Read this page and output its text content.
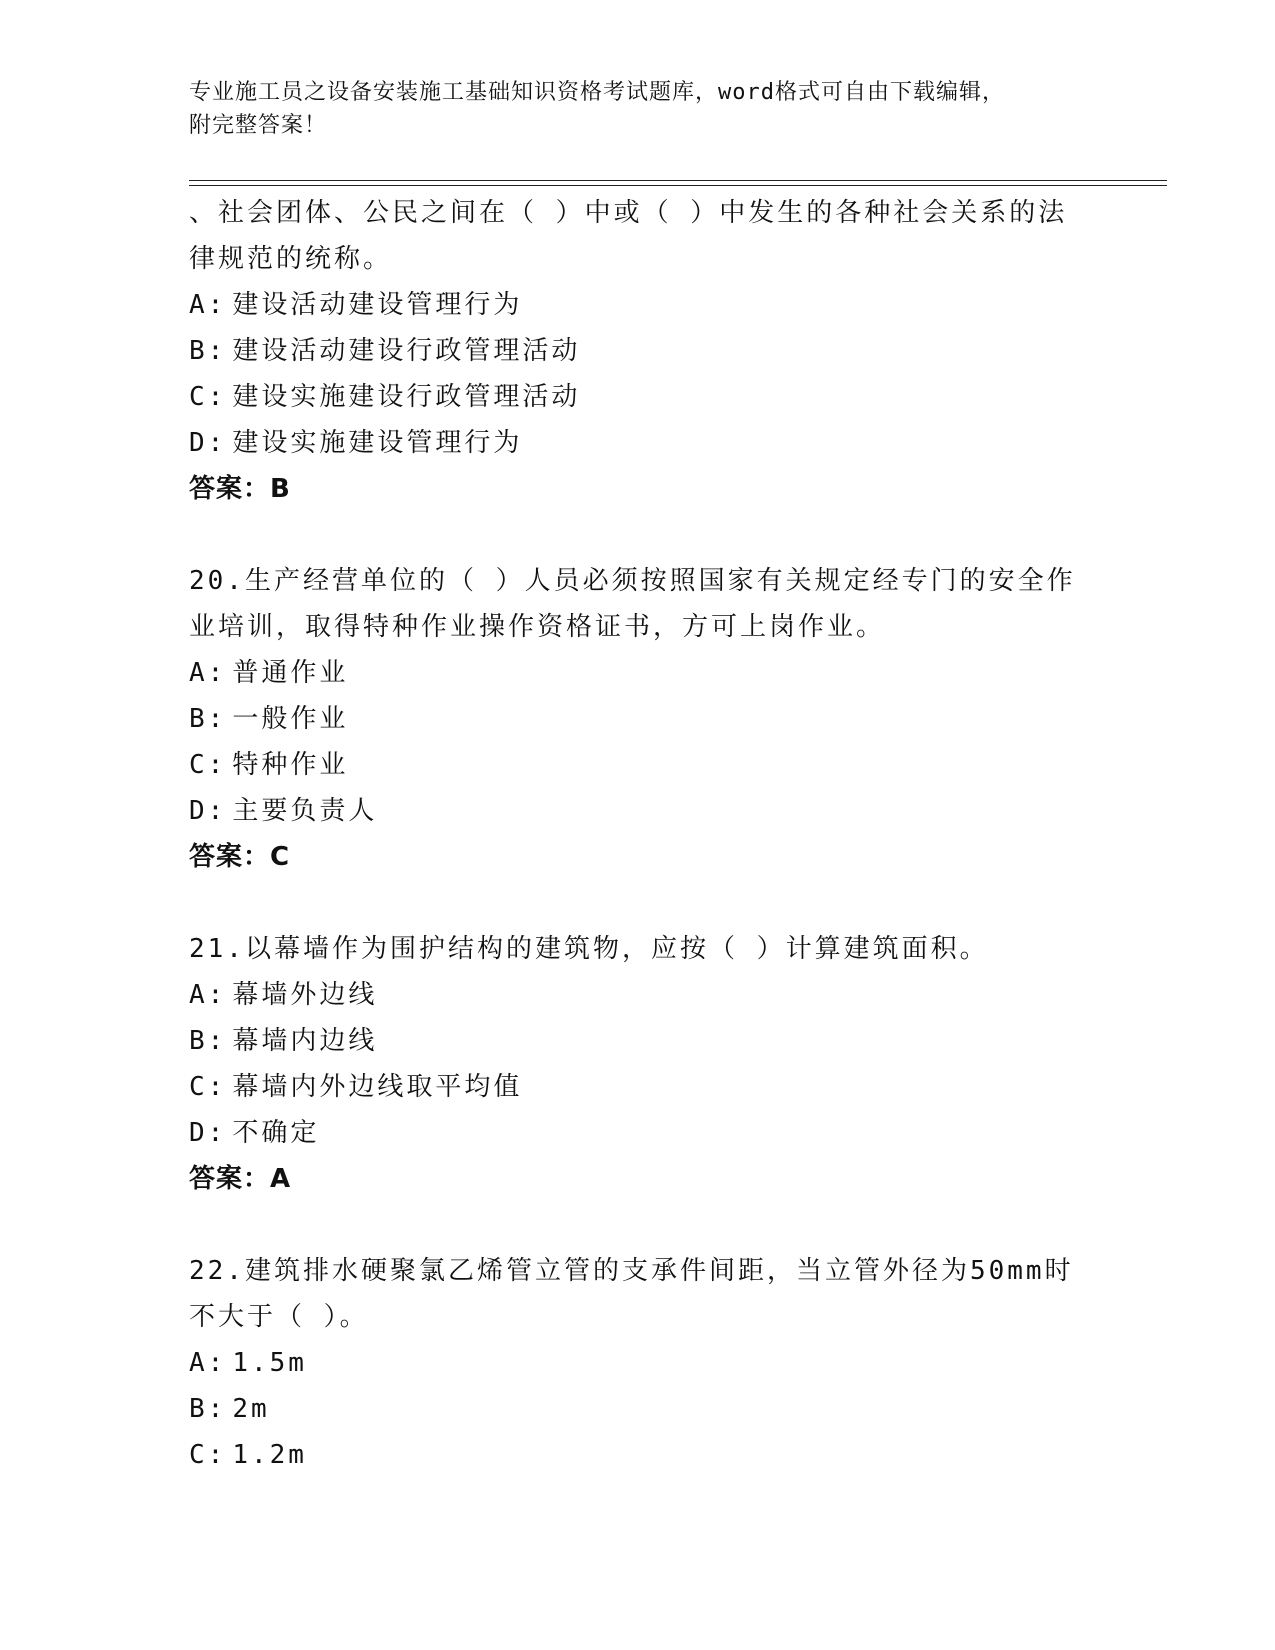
专业施工员之设备安装施工基础知识资格考试题库，word格式可自由下载编辑，
附完整答案！
、社会团体、公民之间在（ ）中或（ ）中发生的各种社会关系的法
律规范的统称。
A: 建设活动建设管理行为
B: 建设活动建设行政管理活动
C: 建设实施建设行政管理活动
D: 建设实施建设管理行为
答案：B
20.生产经营单位的（ ）人员必须按照国家有关规定经专门的安全作
业培训，取得特种作业操作资格证书，方可上岗作业。
A: 普通作业
B: 一般作业
C: 特种作业
D: 主要负责人
答案：C
21.以幕墙作为围护结构的建筑物，应按（ ）计算建筑面积。
A: 幕墙外边线
B: 幕墙内边线
C: 幕墙内外边线取平均值
D: 不确定
答案：A
22.建筑排水硬聚氯乙烯管立管的支承件间距，当立管外径为50mm时
不大于（ ）。
A: 1.5m
B: 2m
C: 1.2m
